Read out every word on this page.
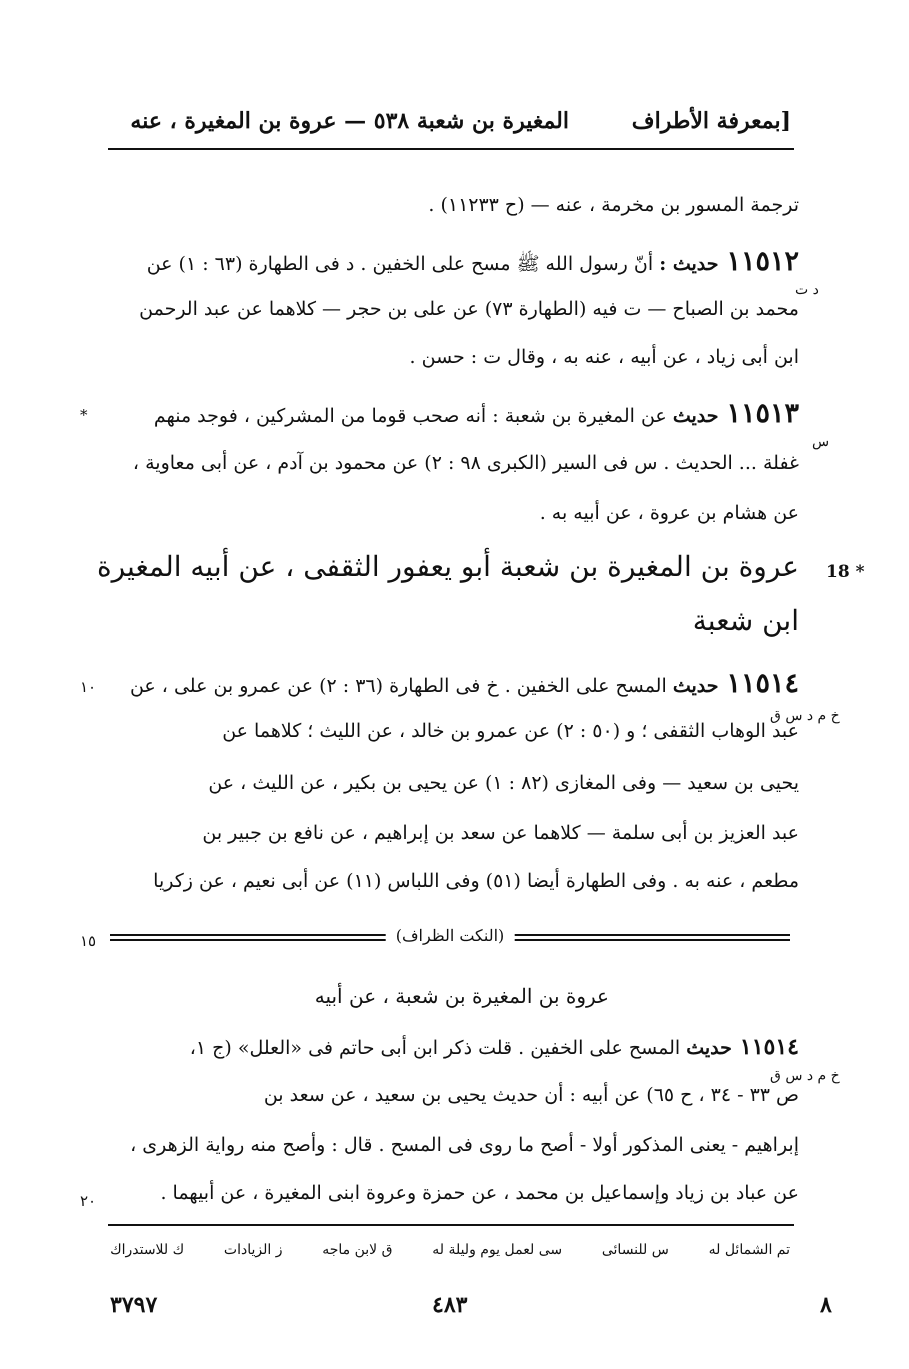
بمعرفة الأطراف]
المغيرة بن شعبة ٥٣٨ — عروة بن المغيرة ، عنه
ترجمة المسور بن مخرمة ، عنه — (ح ١١٢٣٣) .
١١٥١٢حديث : أنّ رسول الله ﷺ مسح على الخفين . د فى الطهارة (٦٣ : ١) عن
د ت
محمد بن الصباح — ت فيه (الطهارة ٧٣) عن على بن حجر — كلاهما عن عبد الرحمن
ابن أبى زياد ، عن أبيه ، عنه به ، وقال ت : حسن .
*	١١٥١٣حديث عن المغيرة بن شعبة : أنه صحب قوما من المشركين ، فوجد منهم
س
غفلة ... الحديث . س فى السير (الكبرى ٩٨ : ٢) عن محمود بن آدم ، عن أبى معاوية ،
عن هشام بن عروة ، عن أبيه به .
18 *
عروة بن المغيرة بن شعبة أبو يعفور الثقفى ، عن أبيه المغيرة
ابن شعبة
١٠	١١٥١٤حديث المسح على الخفين . خ فى الطهارة (٣٦ : ٢) عن عمرو بن على ، عن
خ م د س ق
عبد الوهاب الثقفى ؛ و (٥٠ : ٢) عن عمرو بن خالد ، عن الليث ؛ كلاهما عن
يحيى بن سعيد — وفى المغازى (٨٢ : ١) عن يحيى بن بكير ، عن الليث ، عن
عبد العزيز بن أبى سلمة — كلاهما عن سعد بن إبراهيم ، عن نافع بن جبير بن
مطعم ، عنه به . وفى الطهارة أيضا (٥١) وفى اللباس (١١) عن أبى نعيم ، عن زكريا
١٥	(النكت الظراف)
عروة بن المغيرة بن شعبة ، عن أبيه
١١٥١٤حديث المسح على الخفين . قلت ذكر ابن أبى حاتم فى «العلل» (ج ١،
خ م د س ق
ص ٣٣ - ٣٤ ، ح ٦٥) عن أبيه : أن حديث يحيى بن سعيد ، عن سعد بن
إبراهيم - يعنى المذكور أولا - أصح ما روى فى المسح . قال : وأصح منه رواية الزهرى ،
٢٠	عن عباد بن زياد وإسماعيل بن محمد ، عن حمزة وعروة ابنى المغيرة ، عن أبيهما .
تم الشمائل له
س للنسائى
سى لعمل يوم وليلة له
ق لابن ماجه
ز الزيادات
ك للاستدراك
٨
٤٨٣
٣٧٩٧
